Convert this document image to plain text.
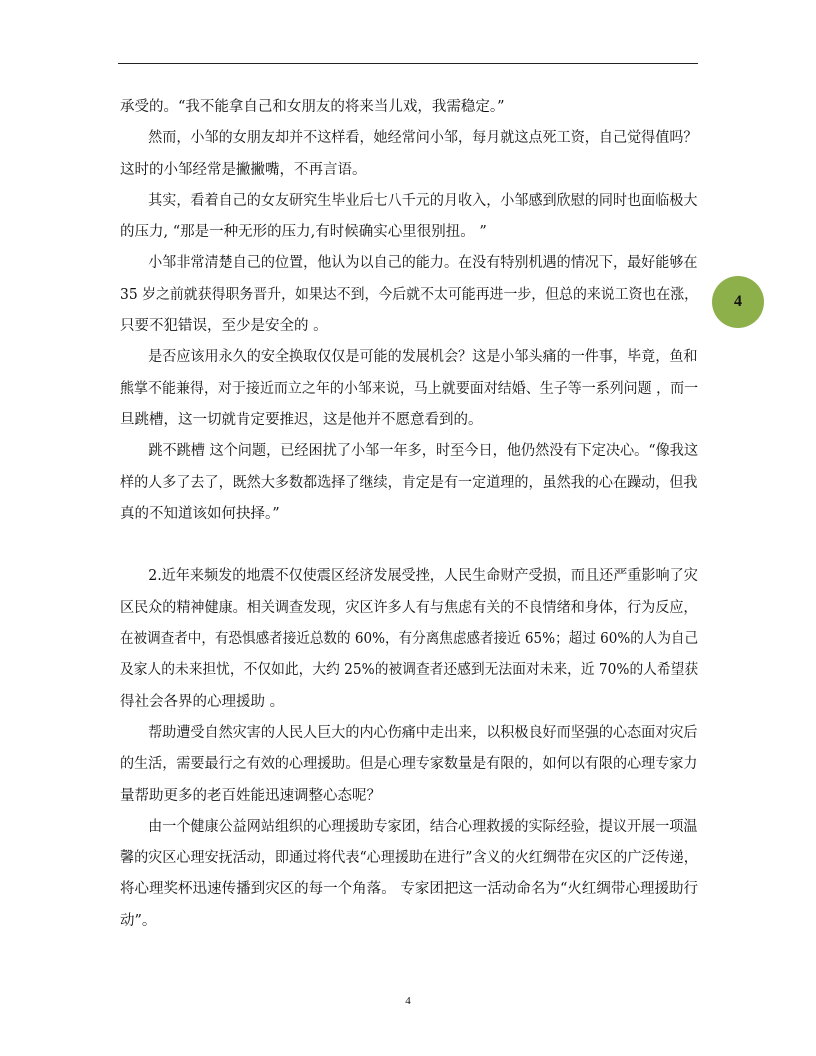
承受的。“我不能拿自己和女朋友的将来当儿戏，我需稳定。”
然而，小邹的女朋友却并不这样看，她经常问小邹，每月就这点死工资，自己觉得值吗？
这时的小邹经常是撇撇嘴，不再言语。
其实，看着自己的女友研究生毕业后七八千元的月收入，小邹感到欣慰的同时也面临极大
的压力, “那是一种无形的压力,有时候确实心里很别扭。 ”
小邹非常清楚自己的位置，他认为以自己的能力。在没有特别机遇的情况下，最好能够在
35 岁之前就获得职务晋升，如果达不到，今后就不太可能再进一步，但总的来说工资也在涨，
只要不犯错误，至少是安全的 。
是否应该用永久的安全换取仅仅是可能的发展机会？这是小邹头痛的一件事，毕竟，鱼和
熊掌不能兼得，对于接近而立之年的小邹来说，马上就要面对结婚、生子等一系列问题 ，而一
旦跳槽，这一切就肯定要推迟，这是他并不愿意看到的。
跳不跳槽 这个问题，已经困扰了小邹一年多，时至今日，他仍然没有下定决心。“像我这
样的人多了去了，既然大多数都选择了继续，肯定是有一定道理的，虽然我的心在躁动，但我
真的不知道该如何抉择。”
2.近年来频发的地震不仅使震区经济发展受挫，人民生命财产受损，而且还严重影响了灾
区民众的精神健康。相关调查发现，灾区许多人有与焦虑有关的不良情绪和身体，行为反应，
在被调查者中，有恐惧感者接近总数的 60%，有分离焦虑感者接近 65%；超过 60%的人为自己
及家人的未来担忧，不仅如此，大约 25%的被调查者还感到无法面对未来，近 70%的人希望获
得社会各界的心理援助 。
帮助遭受自然灾害的人民人巨大的内心伤痛中走出来，以积极良好而坚强的心态面对灾后
的生活，需要最行之有效的心理援助。但是心理专家数量是有限的，如何以有限的心理专家力
量帮助更多的老百姓能迅速调整心态呢？
由一个健康公益网站组织的心理援助专家团，结合心理救援的实际经验，提议开展一项温
馨的灾区心理安抚活动，即通过将代表“心理援助在进行”含义的火红绸带在灾区的广泛传递，
将心理奖杯迅速传播到灾区的每一个角落。 专家团把这一活动命名为“火红绸带心理援助行
动”。
4
4
